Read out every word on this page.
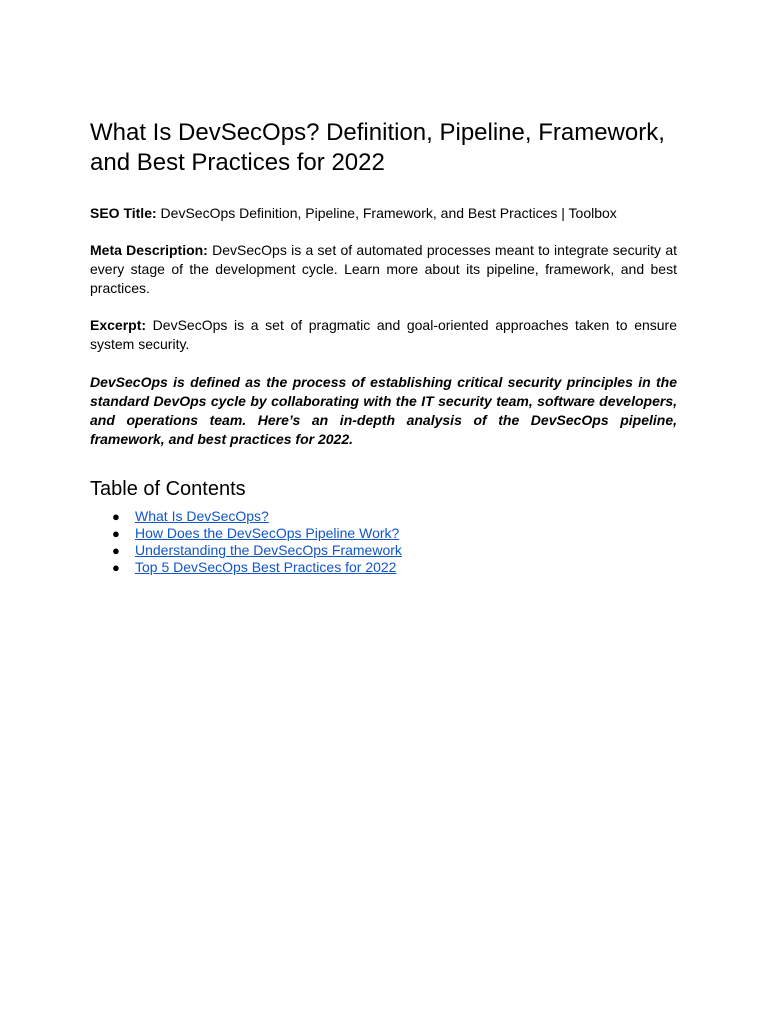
What Is DevSecOps? Definition, Pipeline, Framework, and Best Practices for 2022

SEO Title: DevSecOps Definition, Pipeline, Framework, and Best Practices | Toolbox

Meta Description: DevSecOps is a set of automated processes meant to integrate security at every stage of the development cycle. Learn more about its pipeline, framework, and best practices.

Excerpt: DevSecOps is a set of pragmatic and goal-oriented approaches taken to ensure system security.

DevSecOps is defined as the process of establishing critical security principles in the standard DevOps cycle by collaborating with the IT security team, software developers, and operations team. Here’s an in-depth analysis of the DevSecOps pipeline, framework, and best practices for 2022.

Table of Contents
● What Is DevSecOps?
● How Does the DevSecOps Pipeline Work?
● Understanding the DevSecOps Framework
● Top 5 DevSecOps Best Practices for 2022
